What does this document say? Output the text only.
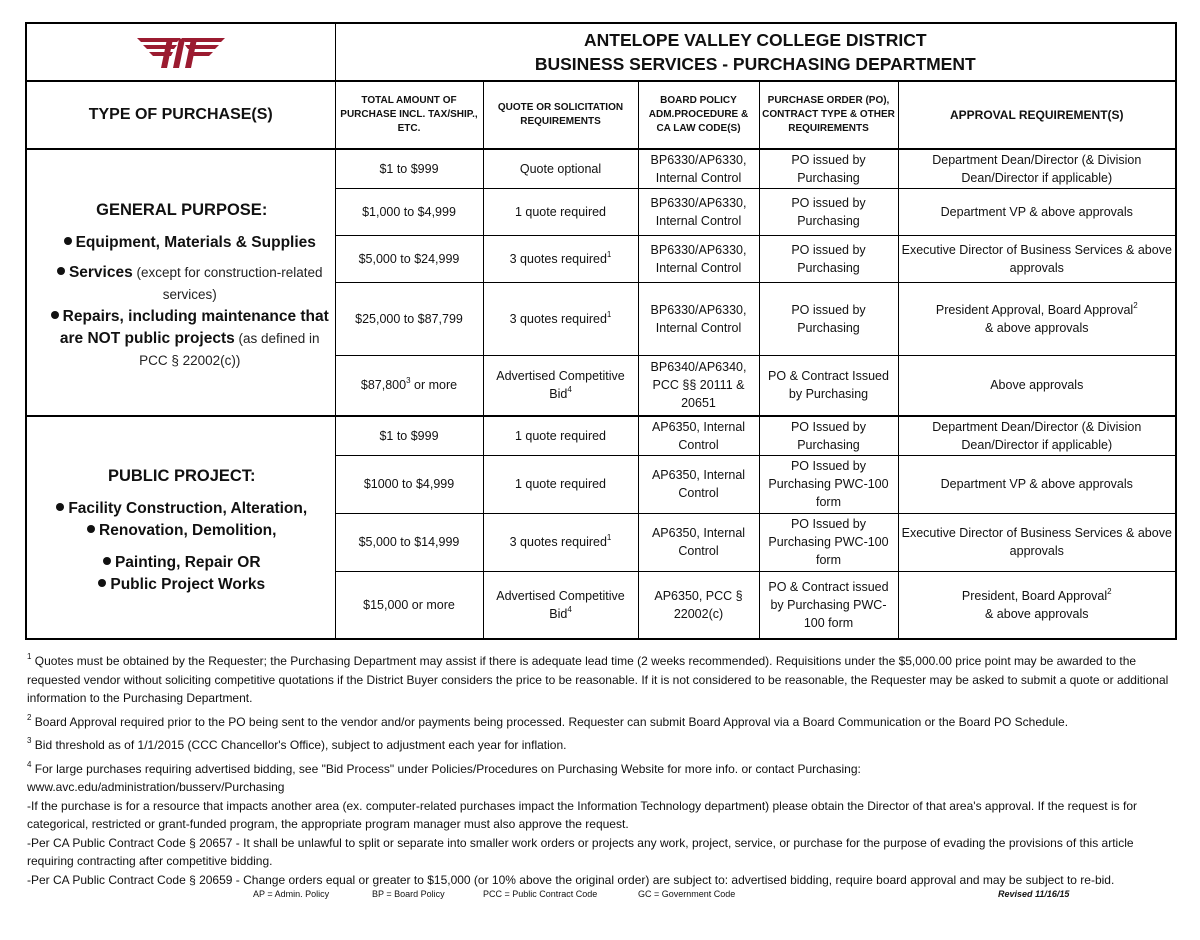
ANTELOPE VALLEY COLLEGE DISTRICT
BUSINESS SERVICES - PURCHASING DEPARTMENT				

TYPE OF PURCHASE(S)	TOTAL AMOUNT OF PURCHASE INCL. TAX/SHIP., ETC.	QUOTE OR SOLICITATION REQUIREMENTS	BOARD POLICY ADM.PROCEDURE & CA LAW CODE(S)	PURCHASE ORDER (PO), CONTRACT TYPE & OTHER REQUIREMENTS	APPROVAL REQUIREMENT(S)

GENERAL PURPOSE:
Equipment, Materials & Supplies
Services (except for construction-related services)
Repairs, including maintenance that are NOT public projects (as defined in PCC § 22002(c))	$1 to $999	Quote optional	BP6330/AP6330, Internal Control	PO issued by Purchasing	Department Dean/Director (& Division Dean/Director if applicable)
	$1,000 to $4,999	1 quote required	BP6330/AP6330, Internal Control	PO issued by Purchasing	Department VP & above approvals
	$5,000 to $24,999	3 quotes required$^1$	BP6330/AP6330, Internal Control	PO issued by Purchasing	Executive Director of Business Services & above approvals
	$25,000 to $87,799	3 quotes required$^1$	BP6330/AP6330, Internal Control	PO issued by Purchasing	President Approval, Board Approval$^2$
& above approvals
	$87,800$^3$ or more	Advertised Competitive Bid$^4$	BP6340/AP6340, PCC §§ 20111 & 20651	PO & Contract Issued by Purchasing	Above approvals

PUBLIC PROJECT:
Facility Construction, Alteration,
Renovation, Demolition,
Painting, Repair OR
Public Project Works	$1 to $999	1 quote required	AP6350, Internal Control	PO Issued by Purchasing	Department Dean/Director (& Division Dean/Director if applicable)
	$1000 to $4,999	1 quote required	AP6350, Internal Control	PO Issued by Purchasing PWC-100 form	Department VP & above approvals
	$5,000 to $14,999	3 quotes required$^1$	AP6350, Internal Control	PO Issued by Purchasing PWC-100 form	Executive Director of Business Services & above approvals
	$15,000 or more	Advertised Competitive Bid$^4$	AP6350, PCC § 22002(c)	PO & Contract issued by Purchasing PWC-100 form	President, Board Approval$^2$
& above approvals

$^1$ Quotes must be obtained by the Requester; the Purchasing Department may assist if there is adequate lead time (2 weeks recommended). Requisitions under the $5,000.00 price point may be awarded to the requested vendor without soliciting competitive quotations if the District Buyer considers the price to be reasonable. If it is not considered to be reasonable, the Requester may be asked to submit a quote or additional information to the Purchasing Department.

$^2$ Board Approval required prior to the PO being sent to the vendor and/or payments being processed. Requester can submit Board Approval via a Board Communication or the Board PO Schedule.

$^3$ Bid threshold as of 1/1/2015 (CCC Chancellor's Office), subject to adjustment each year for inflation.

$^4$ For large purchases requiring advertised bidding, see "Bid Process" under Policies/Procedures on Purchasing Website for more info. or contact Purchasing:

www.avc.edu/administration/busserv/Purchasing

-If the purchase is for a resource that impacts another area (ex. computer-related purchases impact the Information Technology department) please obtain the Director of that area's approval. If the request is for categorical, restricted or grant-funded program, the appropriate program manager must also approve the request.

-Per CA Public Contract Code § 20657 - It shall be unlawful to split or separate into smaller work orders or projects any work, project, service, or purchase for the purpose of evading the provisions of this article requiring contracting after competitive bidding.

-Per CA Public Contract Code § 20659 - Change orders equal or greater to $15,000 (or 10% above the original order) are subject to: advertised bidding, require board approval and may be subject to re-bid.

AP = Admin. Policy	BP = Board Policy	PCC = Public Contract Code	GC = Government Code	Revised 11/16/15
